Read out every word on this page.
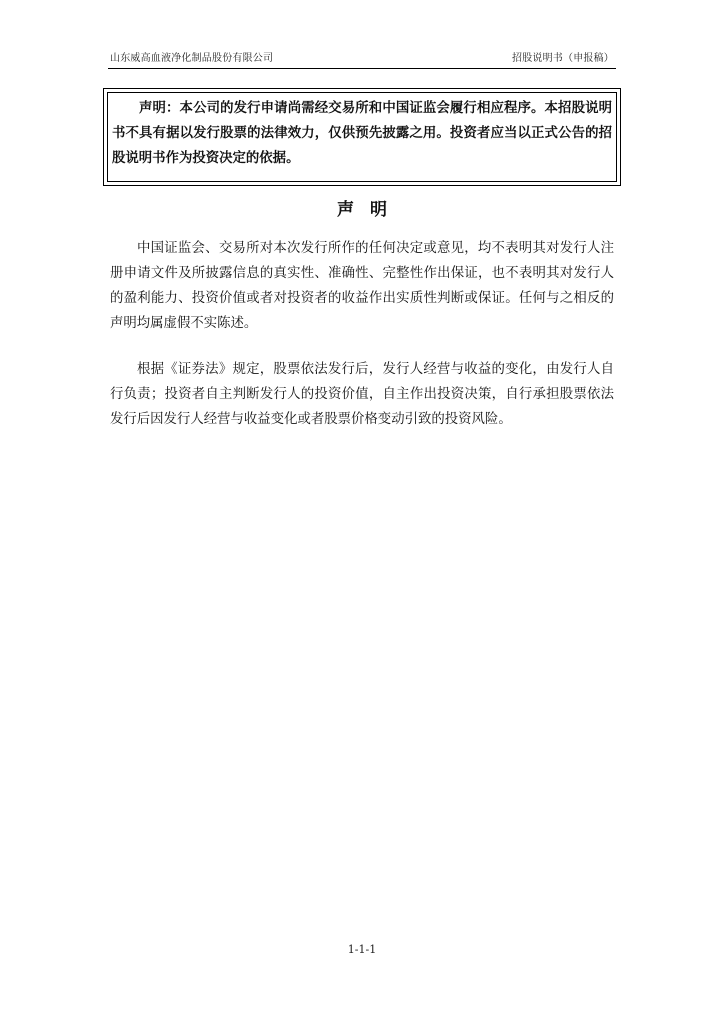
山东威高血液净化制品股份有限公司	招股说明书（申报稿）
声明：本公司的发行申请尚需经交易所和中国证监会履行相应程序。本招股说明书不具有据以发行股票的法律效力，仅供预先披露之用。投资者应当以正式公告的招股说明书作为投资决定的依据。
声明
中国证监会、交易所对本次发行所作的任何决定或意见，均不表明其对发行人注册申请文件及所披露信息的真实性、准确性、完整性作出保证，也不表明其对发行人的盈利能力、投资价值或者对投资者的收益作出实质性判断或保证。任何与之相反的声明均属虚假不实陈述。
根据《证券法》规定，股票依法发行后，发行人经营与收益的变化，由发行人自行负责；投资者自主判断发行人的投资价值，自主作出投资决策，自行承担股票依法发行后因发行人经营与收益变化或者股票价格变动引致的投资风险。
1-1-1
